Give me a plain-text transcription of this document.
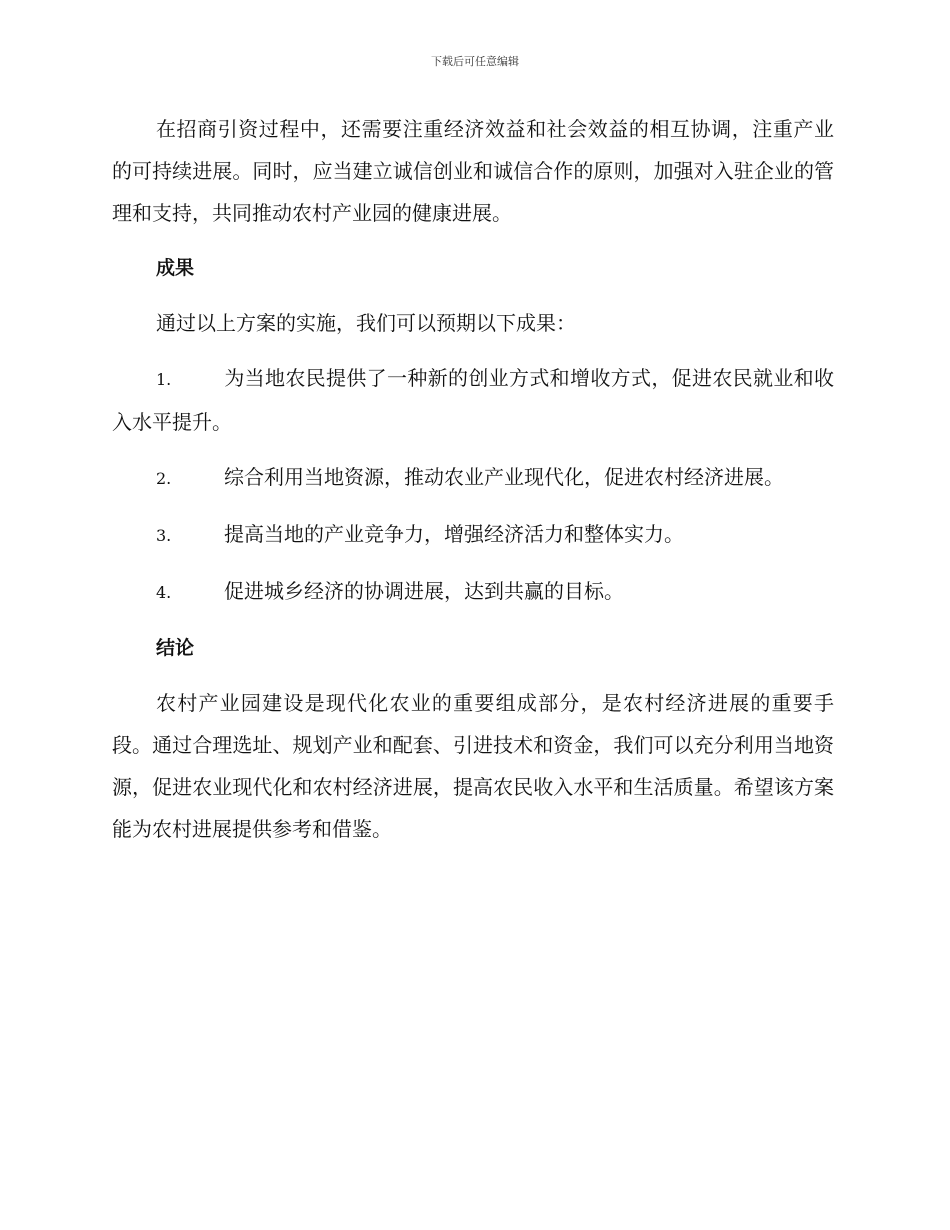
下载后可任意编辑

在招商引资过程中，还需要注重经济效益和社会效益的相互协调，注重产业的可持续进展。同时，应当建立诚信创业和诚信合作的原则，加强对入驻企业的管理和支持，共同推动农村产业园的健康进展。

成果

通过以上方案的实施，我们可以预期以下成果：

1.	为当地农民提供了一种新的创业方式和增收方式，促进农民就业和收入水平提升。

2.	综合利用当地资源，推动农业产业现代化，促进农村经济进展。

3.	提高当地的产业竞争力，增强经济活力和整体实力。

4.	促进城乡经济的协调进展，达到共赢的目标。

结论

农村产业园建设是现代化农业的重要组成部分，是农村经济进展的重要手段。通过合理选址、规划产业和配套、引进技术和资金，我们可以充分利用当地资源，促进农业现代化和农村经济进展，提高农民收入水平和生活质量。希望该方案能为农村进展提供参考和借鉴。
